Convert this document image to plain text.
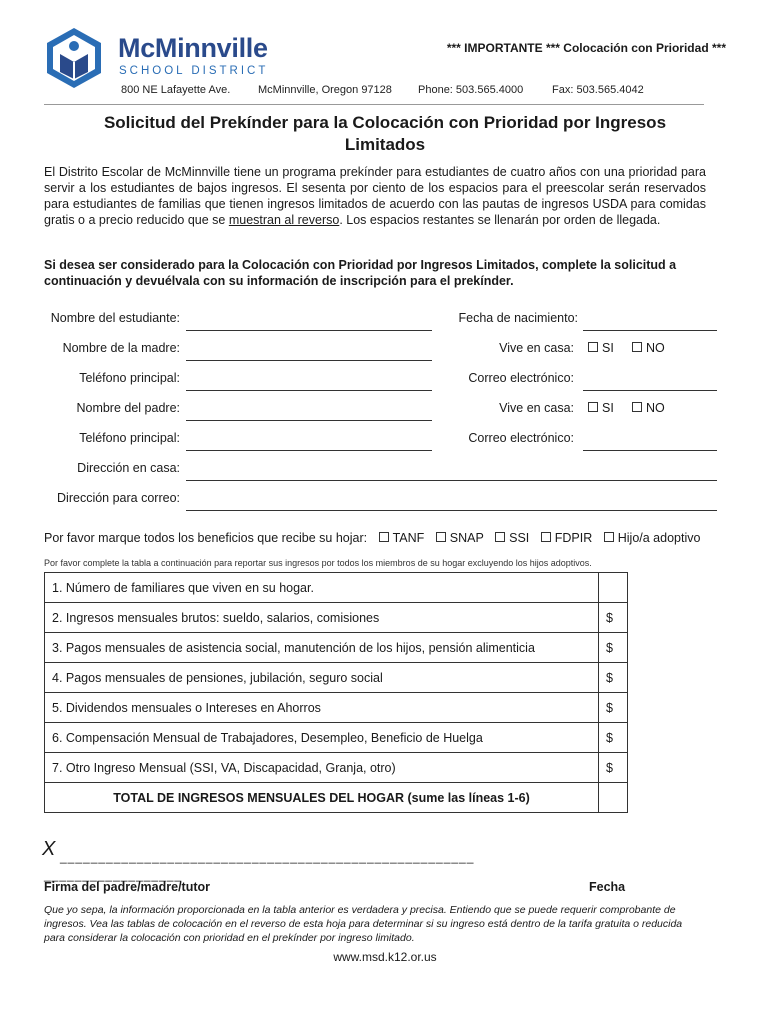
McMinnville
SCHOOL DISTRICT
*** IMPORTANTE *** Colocación con Prioridad ***
800 NE Lafayette Ave.	McMinnville, Oregon 97128 Phone: 503.565.4000	Fax: 503.565.4042
Solicitud del Prekínder para la Colocación con Prioridad por Ingresos
Limitados
El Distrito Escolar de McMinnville tiene un programa prekínder para estudiantes de cuatro años con una prioridad para servir a los estudiantes de bajos ingresos. El sesenta por ciento de los espacios para el preescolar serán reservados para estudiantes de familias que tienen ingresos limitados de acuerdo con las pautas de ingresos USDA para comidas gratis o a precio reducido que se muestran al reverso. Los espacios restantes se llenarán por orden de llegada.
Si desea ser considerado para la Colocación con Prioridad por Ingresos Limitados, complete la solicitud a continuación y devuélvala con su información de inscripción para el prekínder.
Nombre del estudiante:	Fecha de nacimiento:
Nombre de la madre:	Vive en casa:	SI	NO
Teléfono principal:	Correo electrónico:
Nombre del padre:	Vive en casa:	SI	NO
Teléfono principal:	Correo electrónico:
Dirección en casa:
Dirección para correo:
Por favor marque todos los beneficios que recibe su hojar: TANF SNAP SSI FDPIR Hijo/a adoptivo
Por favor complete la tabla a continuación para reportar sus ingresos por todos los miembros de su hogar excluyendo los hijos adoptivos.
1. Número de familiares que viven en su hogar.	
2. Ingresos mensuales brutos: sueldo, salarios, comisiones	$
3. Pagos mensuales de asistencia social, manutención de los hijos, pensión alimenticia	$
4. Pagos mensuales de pensiones, jubilación, seguro social	$
5. Dividendos mensuales o Intereses en Ahorros	$
6. Compensación Mensual de Trabajadores, Desempleo, Beneficio de Huelga	$
7. Otro Ingreso Mensual (SSI, VA, Discapacidad, Granja, otro)	$
TOTAL DE INGRESOS MENSUALES DEL HOGAR (sume las líneas 1-6)	
X ______________________________________________________
__________________
Firma del padre/madre/tutor	Fecha
Que yo sepa, la información proporcionada en la tabla anterior es verdadera y precisa. Entiendo que se puede requerir comprobante de ingresos. Vea las tablas de colocación en el reverso de esta hoja para determinar si su ingreso está dentro de la tarifa gratuita o reducida para considerar la colocación con prioridad en el prekínder por ingreso limitado.
www.msd.k12.or.us
